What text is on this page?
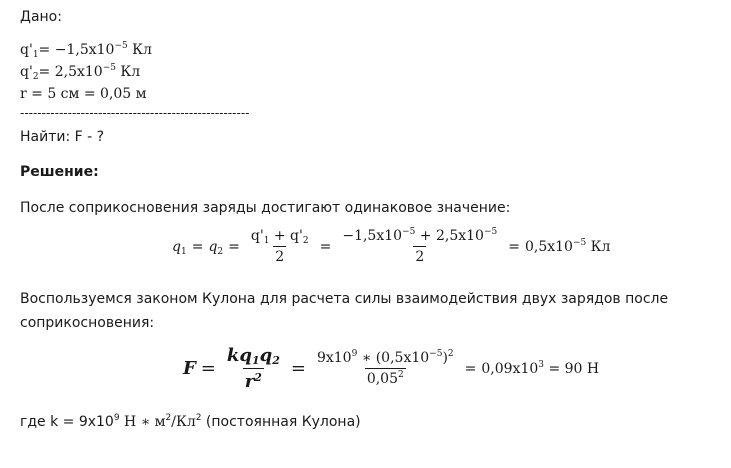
Дано:
$q'_1= -1,5x10^{-5}$ Кл
$q'_2= 2,5x10^{-5}$ Кл
r = 5 см = 0,05 м
-----------------------------------------------------
Найти: F - ?
Решение:
После соприкосновения заряды достигают одинаковое значение:
$q_1 = q_2 = \frac{q'_1 + q'_2}{2} = \frac{-1,5x10^{-5} + 2,5x10^{-5}}{2} = 0,5x10^{-5}$ Кл
Воспользуемся законом Кулона для расчета силы взаимодействия двух зарядов после
соприкосновения:
$F = \frac{kq_1q_2}{r^2} = \frac{9x10^9 ∗ (0,5x10^{-5})^2}{0,05^2} = 0,09x10^3 = 90$ Н
где $k = 9x10^9$ Н ∗ $м^2/Кл^2$ (постоянная Кулона)
